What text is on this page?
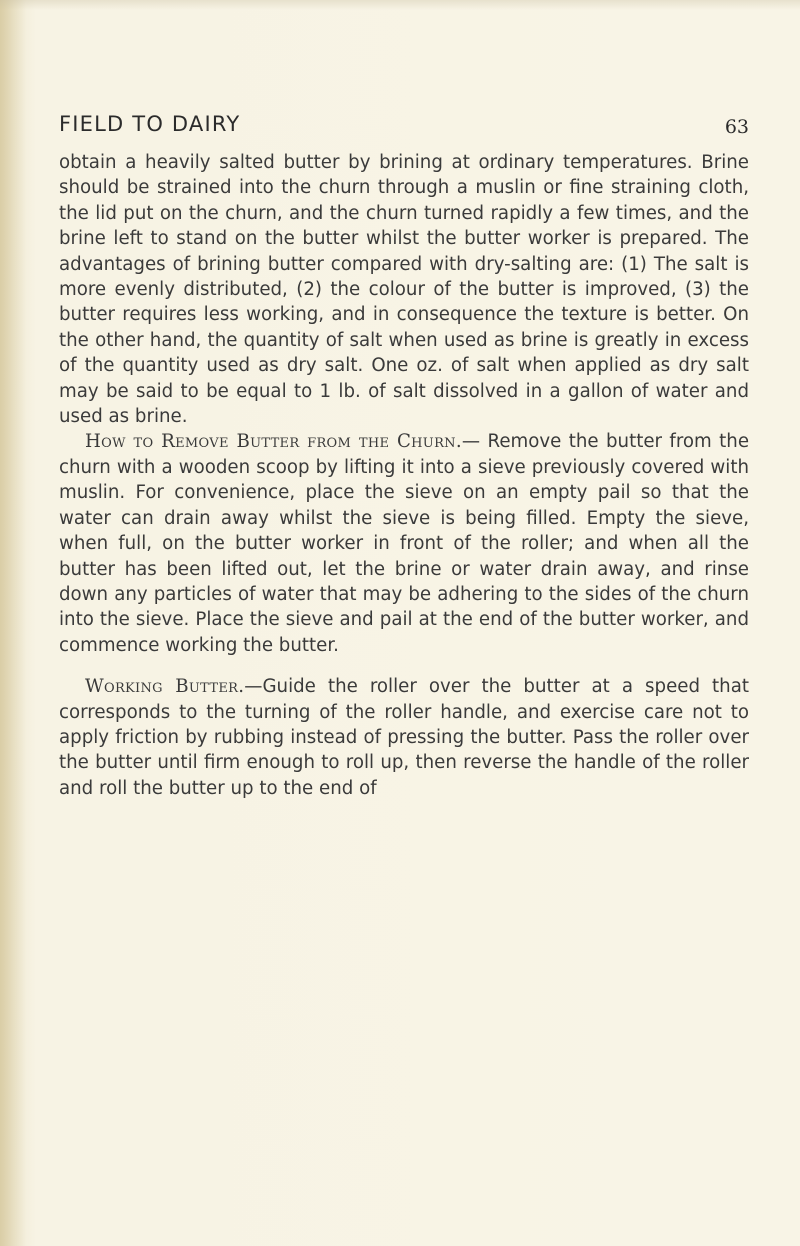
FIELD TO DAIRY	63

obtain a heavily salted butter by brining at ordinary temperatures. Brine should be strained into the churn through a muslin or fine straining cloth, the lid put on the churn, and the churn turned rapidly a few times, and the brine left to stand on the butter whilst the butter worker is prepared. The advantages of brining butter compared with dry-salting are: (1) The salt is more evenly distributed, (2) the colour of the butter is improved, (3) the butter requires less working, and in consequence the texture is better. On the other hand, the quantity of salt when used as brine is greatly in excess of the quantity used as dry salt. One oz. of salt when applied as dry salt may be said to be equal to 1 lb. of salt dissolved in a gallon of water and used as brine.

How to Remove Butter from the Churn.— Remove the butter from the churn with a wooden scoop by lifting it into a sieve previously covered with muslin. For convenience, place the sieve on an empty pail so that the water can drain away whilst the sieve is being filled. Empty the sieve, when full, on the butter worker in front of the roller; and when all the butter has been lifted out, let the brine or water drain away, and rinse down any particles of water that may be adhering to the sides of the churn into the sieve. Place the sieve and pail at the end of the butter worker, and commence working the butter.

Working Butter.—Guide the roller over the butter at a speed that corresponds to the turning of the roller handle, and exercise care not to apply friction by rubbing instead of pressing the butter. Pass the roller over the butter until firm enough to roll up, then reverse the handle of the roller and roll the butter up to the end of
